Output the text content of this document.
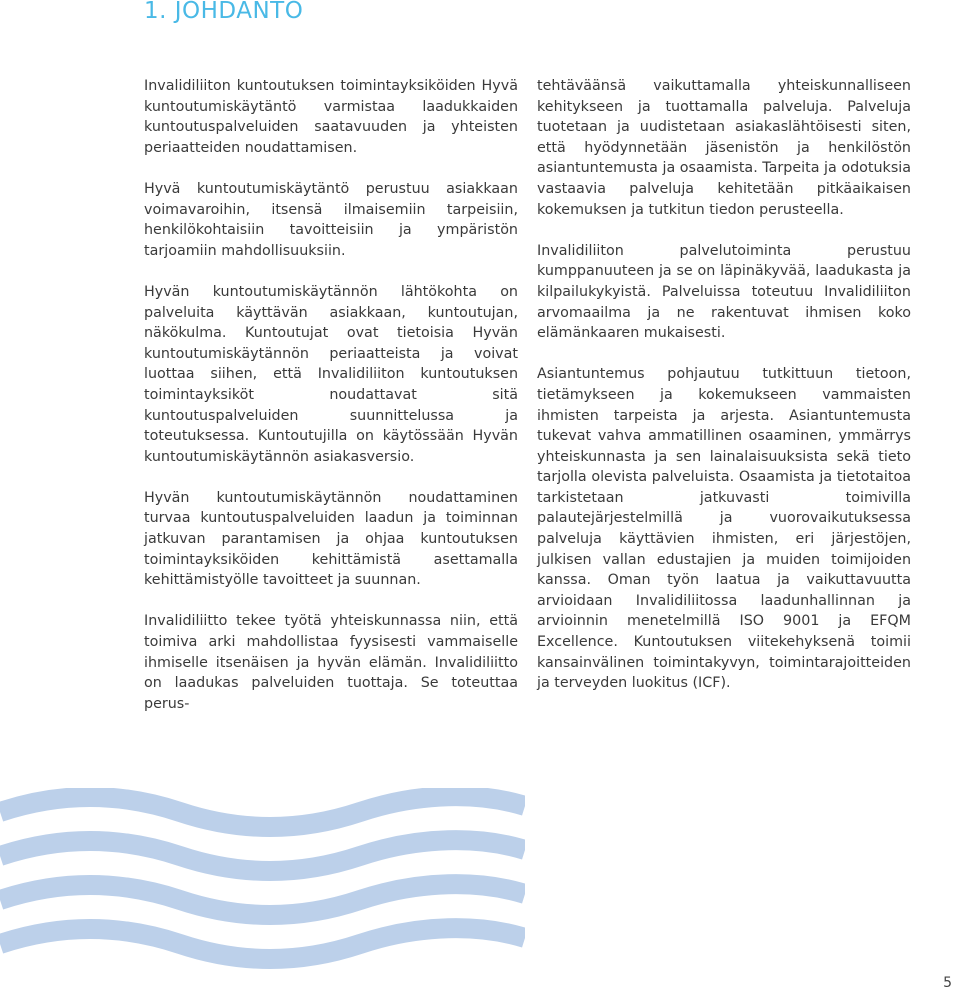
1. JOHDANTO

Invalidiliiton kuntoutuksen toimintayksiköiden Hyvä kuntoutumiskäytäntö varmistaa laadukkaiden kuntoutuspalveluiden saatavuuden ja yhteisten periaatteiden noudattamisen.

Hyvä kuntoutumiskäytäntö perustuu asiakkaan voimavaroihin, itsensä ilmaisemiin tarpeisiin, henkilökohtaisiin tavoitteisiin ja ympäristön tarjoamiin mahdollisuuksiin.

Hyvän kuntoutumiskäytännön lähtökohta on palveluita käyttävän asiakkaan, kuntoutujan, näkökulma. Kuntoutujat ovat tietoisia Hyvän kuntoutumiskäytännön periaatteista ja voivat luottaa siihen, että Invalidiliiton kuntoutuksen toimintayksiköt noudattavat sitä kuntoutuspalveluiden suunnittelussa ja toteutuksessa. Kuntoutujilla on käytössään Hyvän kuntoutumiskäytännön asiakasversio.

Hyvän kuntoutumiskäytännön noudattaminen turvaa kuntoutuspalveluiden laadun ja toiminnan jatkuvan parantamisen ja ohjaa kuntoutuksen toimintayksiköiden kehittämistä asettamalla kehittämistyölle tavoitteet ja suunnan.

Invalidiliitto tekee työtä yhteiskunnassa niin, että toimiva arki mahdollistaa fyysisesti vammaiselle ihmiselle itsenäisen ja hyvän elämän. Invalidiliitto on laadukas palveluiden tuottaja. Se toteuttaa perus-

tehtäväänsä vaikuttamalla yhteiskunnalliseen kehitykseen ja tuottamalla palveluja. Palveluja tuotetaan ja uudistetaan asiakaslähtöisesti siten, että hyödynnetään jäsenistön ja henkilöstön asiantuntemusta ja osaamista. Tarpeita ja odotuksia vastaavia palveluja kehitetään pitkäaikaisen kokemuksen ja tutkitun tiedon perusteella.

Invalidiliiton palvelutoiminta perustuu kumppanuuteen ja se on läpinäkyvää, laadukasta ja kilpailukykyistä. Palveluissa toteutuu Invalidiliiton arvomaailma ja ne rakentuvat ihmisen koko elämänkaaren mukaisesti.

Asiantuntemus pohjautuu tutkittuun tietoon, tietämykseen ja kokemukseen vammaisten ihmisten tarpeista ja arjesta. Asiantuntemusta tukevat vahva ammatillinen osaaminen, ymmärrys yhteiskunnasta ja sen lainalaisuuksista sekä tieto tarjolla olevista palveluista. Osaamista ja tietotaitoa tarkistetaan jatkuvasti toimivilla palautejärjestelmillä ja vuorovaikutuksessa palveluja käyttävien ihmisten, eri järjestöjen, julkisen vallan edustajien ja muiden toimijoiden kanssa. Oman työn laatua ja vaikuttavuutta arvioidaan Invalidiliitossa laadunhallinnan ja arvioinnin menetelmillä ISO 9001 ja EFQM Excellence. Kuntoutuksen viitekehyksenä toimii kansainvälinen toimintakyvyn, toimintarajoitteiden ja terveyden luokitus (ICF).

5
